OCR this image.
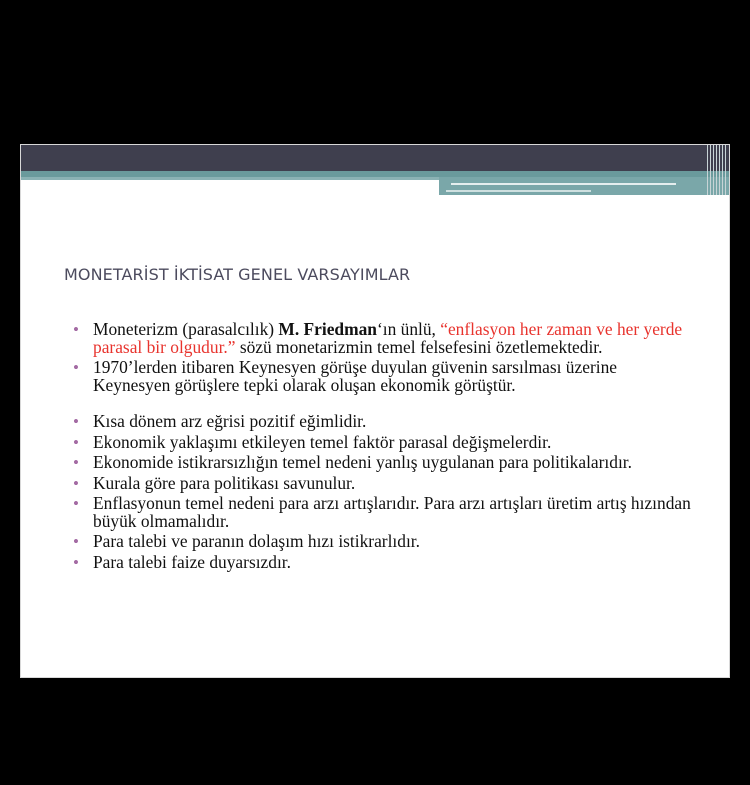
MONETARİST İKTİSAT GENEL VARSAYIMLAR
• Moneterizm (parasalcılık) M. Friedman‘ın ünlü, “enflasyon her zaman ve her yerde parasal bir olgudur.” sözü monetarizmin temel felsefesini özetlemektedir.
• 1970’lerden itibaren Keynesyen görüşe duyulan güvenin sarsılması üzerine Keynesyen görüşlere tepki olarak oluşan ekonomik görüştür.
• Kısa dönem arz eğrisi pozitif eğimlidir.
• Ekonomik yaklaşımı etkileyen temel faktör parasal değişmelerdir.
• Ekonomide istikrarsızlığın temel nedeni yanlış uygulanan para politikalarıdır.
• Kurala göre para politikası savunulur.
• Enflasyonun temel nedeni para arzı artışlarıdır. Para arzı artışları üretim artış hızından büyük olmamalıdır.
• Para talebi ve paranın dolaşım hızı istikrarlıdır.
• Para talebi faize duyarsızdır.
